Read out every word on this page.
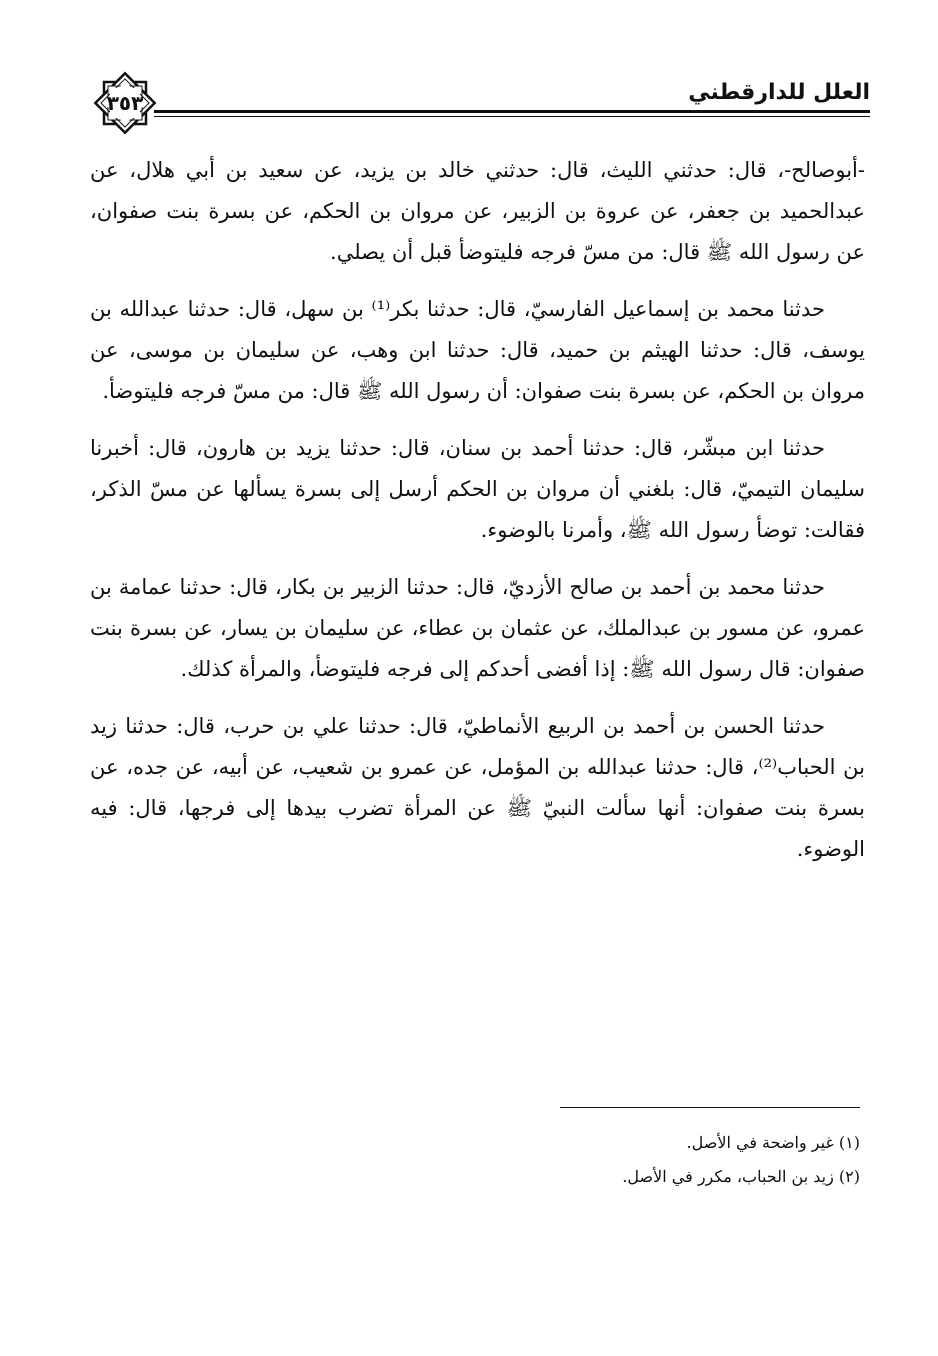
العلل للدارقطني
٣٥٣

-أبوصالح-، قال: حدثني الليث، قال: حدثني خالد بن يزيد، عن سعيد بن أبي هلال، عن عبدالحميد بن جعفر، عن عروة بن الزبير، عن مروان بن الحكم، عن بسرة بنت صفوان، عن رسول الله ﷺ قال: من مسّ فرجه فليتوضأ قبل أن يصلي.

حدثنا محمد بن إسماعيل الفارسيّ، قال: حدثنا بكر⁽¹⁾ بن سهل، قال: حدثنا عبدالله بن يوسف، قال: حدثنا الهيثم بن حميد، قال: حدثنا ابن وهب، عن سليمان بن موسى، عن مروان بن الحكم، عن بسرة بنت صفوان: أن رسول الله ﷺ قال: من مسّ فرجه فليتوضأ.

حدثنا ابن مبشّر، قال: حدثنا أحمد بن سنان، قال: حدثنا يزيد بن هارون، قال: أخبرنا سليمان التيميّ، قال: بلغني أن مروان بن الحكم أرسل إلى بسرة يسألها عن مسّ الذكر، فقالت: توضأ رسول الله ﷺ، وأمرنا بالوضوء.

حدثنا محمد بن أحمد بن صالح الأزديّ، قال: حدثنا الزبير بن بكار، قال: حدثنا عمامة بن عمرو، عن مسور بن عبدالملك، عن عثمان بن عطاء، عن سليمان بن يسار، عن بسرة بنت صفوان: قال رسول الله ﷺ: إذا أفضى أحدكم إلى فرجه فليتوضأ، والمرأة كذلك.

حدثنا الحسن بن أحمد بن الربيع الأنماطيّ، قال: حدثنا علي بن حرب، قال: حدثنا زيد بن الحباب⁽²⁾، قال: حدثنا عبدالله بن المؤمل، عن عمرو بن شعيب، عن أبيه، عن جده، عن بسرة بنت صفوان: أنها سألت النبيّ ﷺ عن المرأة تضرب بيدها إلى فرجها، قال: فيه الوضوء.

(١) غير واضحة في الأصل.
(٢) زيد بن الحباب، مكرر في الأصل.
